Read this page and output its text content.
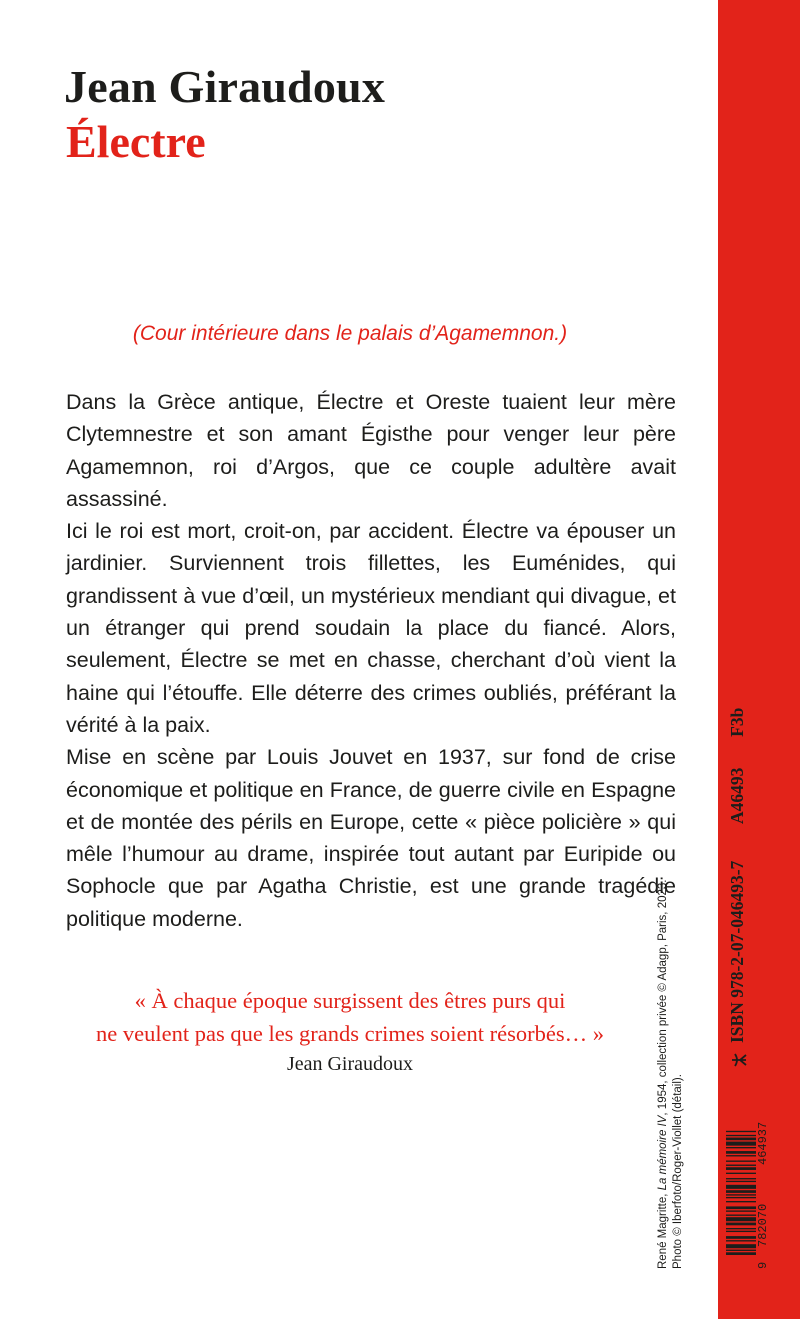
Jean Giraudoux
Électre

(Cour intérieure dans le palais d’Agamemnon.)

Dans la Grèce antique, Électre et Oreste tuaient leur mère Clytemnestre et son amant Égisthe pour venger leur père Agamemnon, roi d’Argos, que ce couple adultère avait assassiné.

Ici le roi est mort, croit-on, par accident. Électre va épouser un jardinier. Surviennent trois fillettes, les Euménides, qui grandissent à vue d’œil, un mystérieux mendiant qui divague, et un étranger qui prend soudain la place du fiancé. Alors, seulement, Électre se met en chasse, cherchant d’où vient la haine qui l’étouffe. Elle déterre des crimes oubliés, préférant la vérité à la paix.

Mise en scène par Louis Jouvet en 1937, sur fond de crise économique et politique en France, de guerre civile en Espagne et de montée des périls en Europe, cette « pièce policière » qui mêle l’humour au drame, inspirée tout autant par Euripide ou Sophocle que par Agatha Christie, est une grande tragédie politique moderne.

« À chaque époque surgissent des êtres purs qui
ne veulent pas que les grands crimes soient résorbés… »

Jean Giraudoux

René Magritte, La mémoire IV, 1954, collection privée © Adagp, Paris, 2023.

Photo © Iberfoto/Roger-Viollet (détail).	9
782070
464937
ISBN 978-2-07-046493-7  A46493  F3b
